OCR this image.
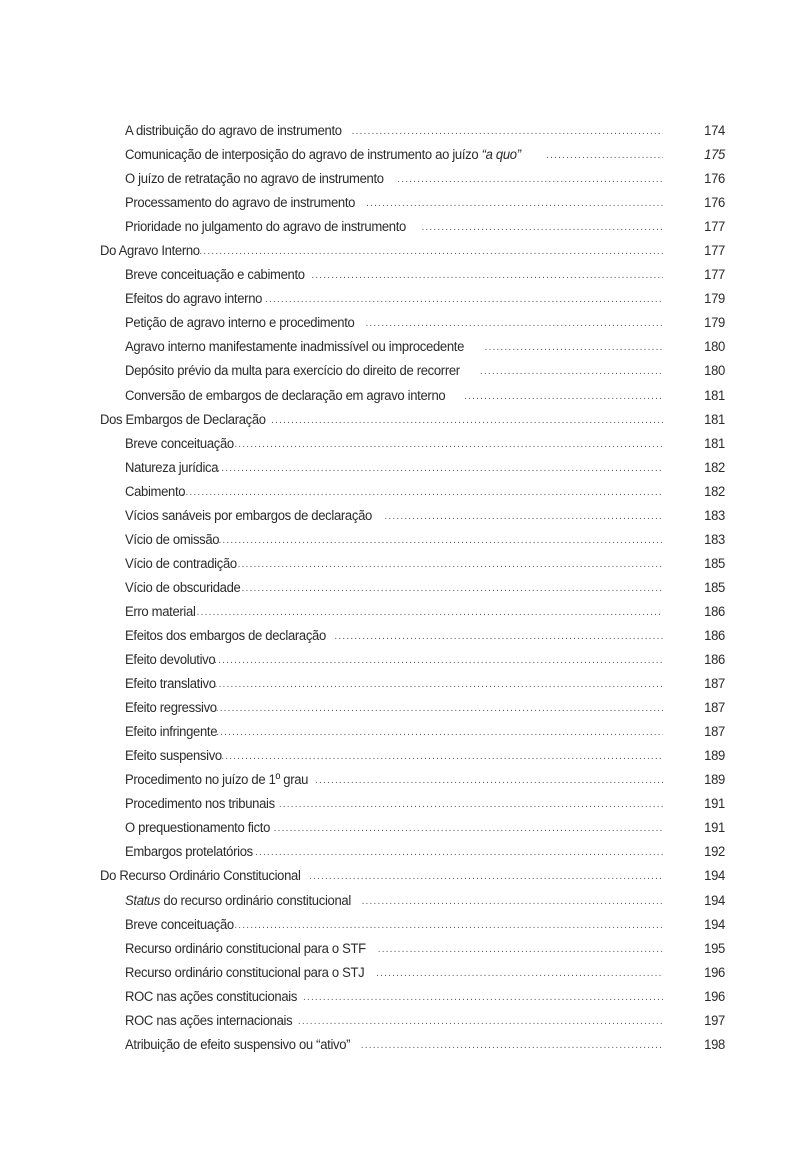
A distribuição do agravo de instrumento .....	174
Comunicação de interposição do agravo de instrumento ao juízo “a quo” .....	175
O juízo de retratação no agravo de instrumento .....	176
Processamento do agravo de instrumento .....	176
Prioridade no julgamento do agravo de instrumento .....	177
Do Agravo Interno .....	177
Breve conceituação e cabimento .....	177
Efeitos do agravo interno .....	179
Petição de agravo interno e procedimento .....	179
Agravo interno manifestamente inadmissível ou improcedente .....	180
Depósito prévio da multa para exercício do direito de recorrer .....	180
Conversão de embargos de declaração em agravo interno .....	181
Dos Embargos de Declaração .....	181
Breve conceituação .....	181
Natureza jurídica .....	182
Cabimento .....	182
Vícios sanáveis por embargos de declaração .....	183
Vício de omissão .....	183
Vício de contradição .....	185
Vício de obscuridade .....	185
Erro material .....	186
Efeitos dos embargos de declaração .....	186
Efeito devolutivo .....	186
Efeito translativo .....	187
Efeito regressivo .....	187
Efeito infringente .....	187
Efeito suspensivo .....	189
Procedimento no juízo de 1º grau .....	189
Procedimento nos tribunais .....	191
O prequestionamento ficto .....	191
Embargos protelatórios .....	192
Do Recurso Ordinário Constitucional .....	194
Status do recurso ordinário constitucional .....	194
Breve conceituação .....	194
Recurso ordinário constitucional para o STF .....	195
Recurso ordinário constitucional para o STJ .....	196
ROC nas ações constitucionais .....	196
ROC nas ações internacionais .....	197
Atribuição de efeito suspensivo ou “ativo” .....	198
